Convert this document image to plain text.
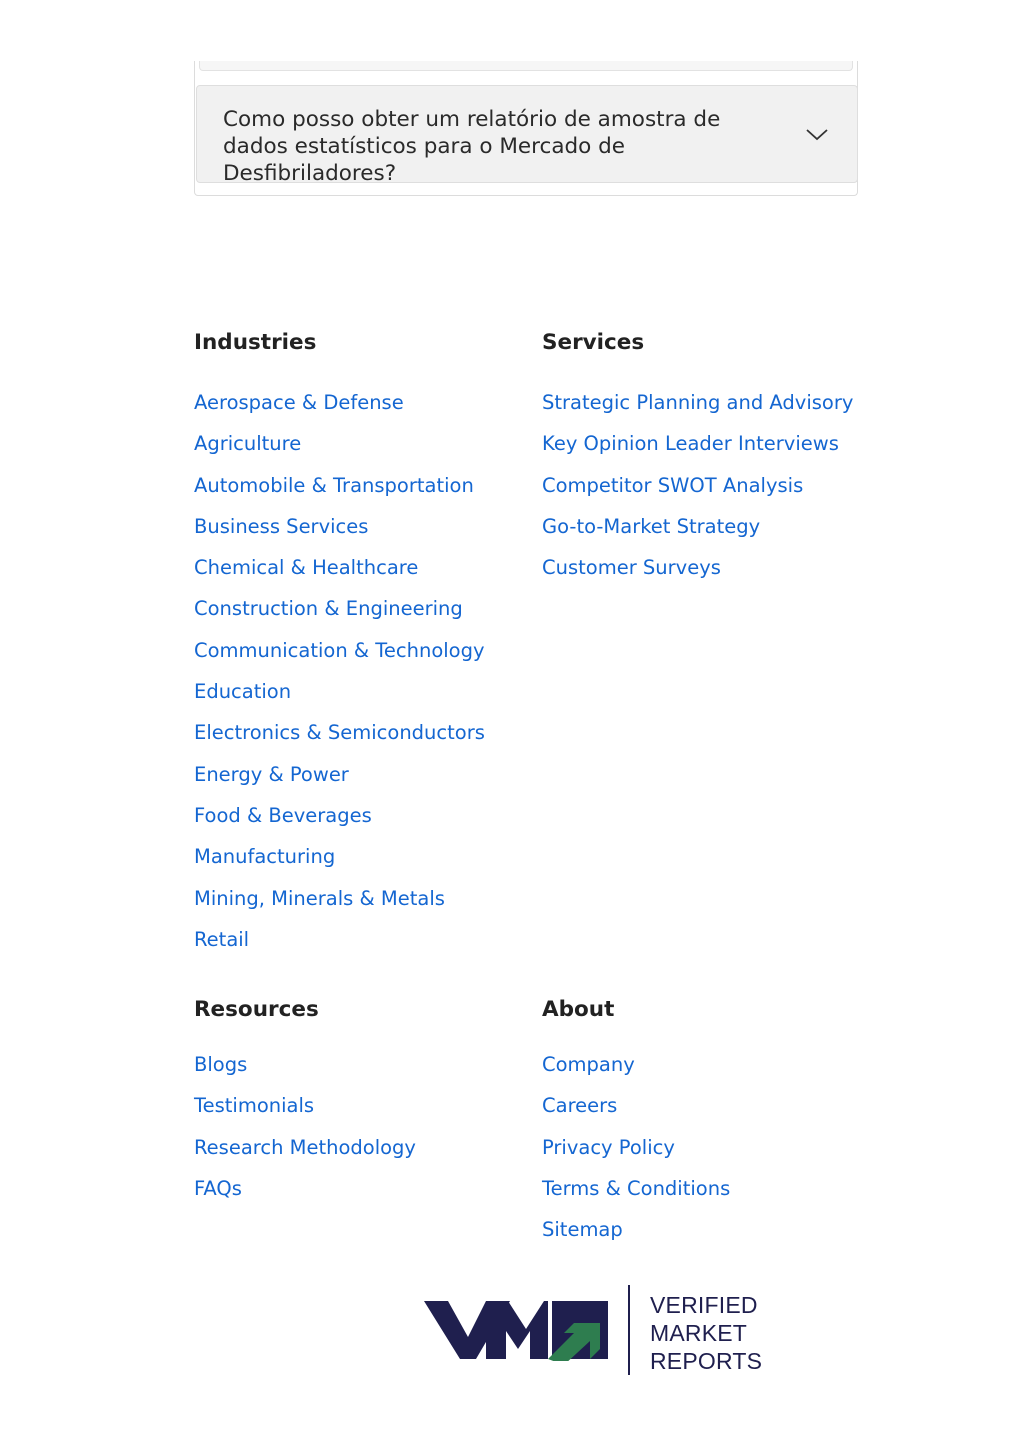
Como posso obter um relatório de amostra de dados estatísticos para o Mercado de Desfibriladores?
Industries
Aerospace & Defense
Agriculture
Automobile & Transportation
Business Services
Chemical & Healthcare
Construction & Engineering
Communication & Technology
Education
Electronics & Semiconductors
Energy & Power
Food & Beverages
Manufacturing
Mining, Minerals & Metals
Retail
Services
Strategic Planning and Advisory
Key Opinion Leader Interviews
Competitor SWOT Analysis
Go-to-Market Strategy
Customer Surveys
Resources
Blogs
Testimonials
Research Methodology
FAQs
About
Company
Careers
Privacy Policy
Terms & Conditions
Sitemap
VERIFIED
MARKET
REPORTS
